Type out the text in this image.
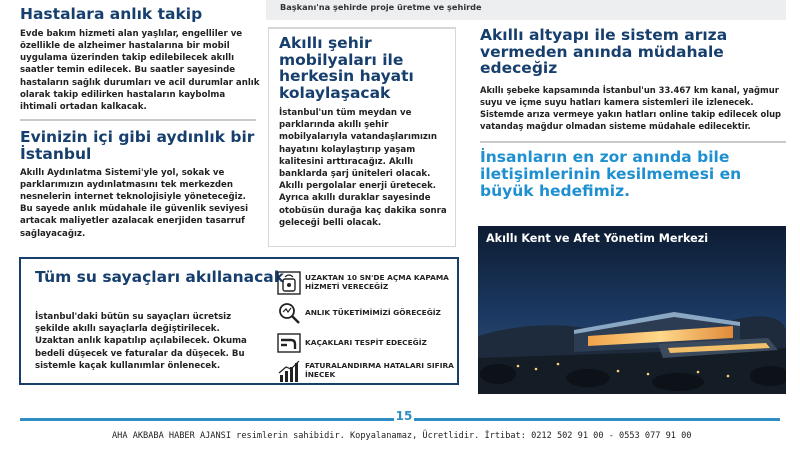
Başkanı'na şehirde proje üretme ve şehirde
Hastalara anlık takip

Evde bakım hizmeti alan yaşlılar, engelliler ve özellikle de alzheimer hastalarına bir mobil uygulama üzerinden takip edilebilecek akıllı saatler temin edilecek. Bu saatler sayesinde hastaların sağlık durumları ve acil durumlar anlık olarak takip edilirken hastaların kaybolma ihtimali ortadan kalkacak.

Evinizin içi gibi aydınlık bir İstanbul

Akıllı Aydınlatma Sistemi'yle yol, sokak ve parklarımızın aydınlatmasını tek merkezden nesnelerin internet teknolojisiyle yöneteceğiz. Bu sayede anlık müdahale ile güvenlik seviyesi artacak maliyetler azalacak enerjiden tasarruf sağlayacağız.

Akıllı şehir mobilyaları ile herkesin hayatı kolaylaşacak

İstanbul'un tüm meydan ve parklarında akıllı şehir mobilyalarıyla vatandaşlarımızın hayatını kolaylaştırıp yaşam kalitesini arttıracağız. Akıllı banklarda şarj üniteleri olacak. Akıllı pergolalar enerji üretecek. Ayrıca akıllı duraklar sayesinde otobüsün durağa kaç dakika sonra geleceği belli olacak.

Akıllı altyapı ile sistem arıza vermeden anında müdahale edeceğiz

Akıllı şebeke kapsamında İstanbul'un 33.467 km kanal, yağmur suyu ve içme suyu hatları kamera sistemleri ile izlenecek. Sistemde arıza vermeye yakın hatları online takip edilecek olup vatandaş mağdur olmadan sisteme müdahale edilecektir.

İnsanların en zor anında bile iletişimlerinin kesilmemesi en büyük hedefimiz.

Akıllı Kent ve Afet Yönetim Merkezi
Tüm su sayaçları akıllanacak

İstanbul'daki bütün su sayaçları ücretsiz şekilde akıllı sayaçlarla değiştirilecek. Uzaktan anlık kapatılıp açılabilecek. Okuma bedeli düşecek ve faturalar da düşecek. Bu sistemle kaçak kullanımlar önlenecek.

UZAKTAN 10 SN'DE AÇMA KAPAMA HİZMETİ VERECEĞİZ
ANLIK TÜKETİMİMİZİ GÖRECEĞİZ
KAÇAKLARI TESPİT EDECEĞİZ
FATURALANDIRMA HATALARI SIFIRA İNECEK
15
AHA AKBABA HABER AJANSI resimlerin sahibidir. Kopyalanamaz, Ücretlidir. İrtibat: 0212 502 91 00 - 0553 077 91 00
